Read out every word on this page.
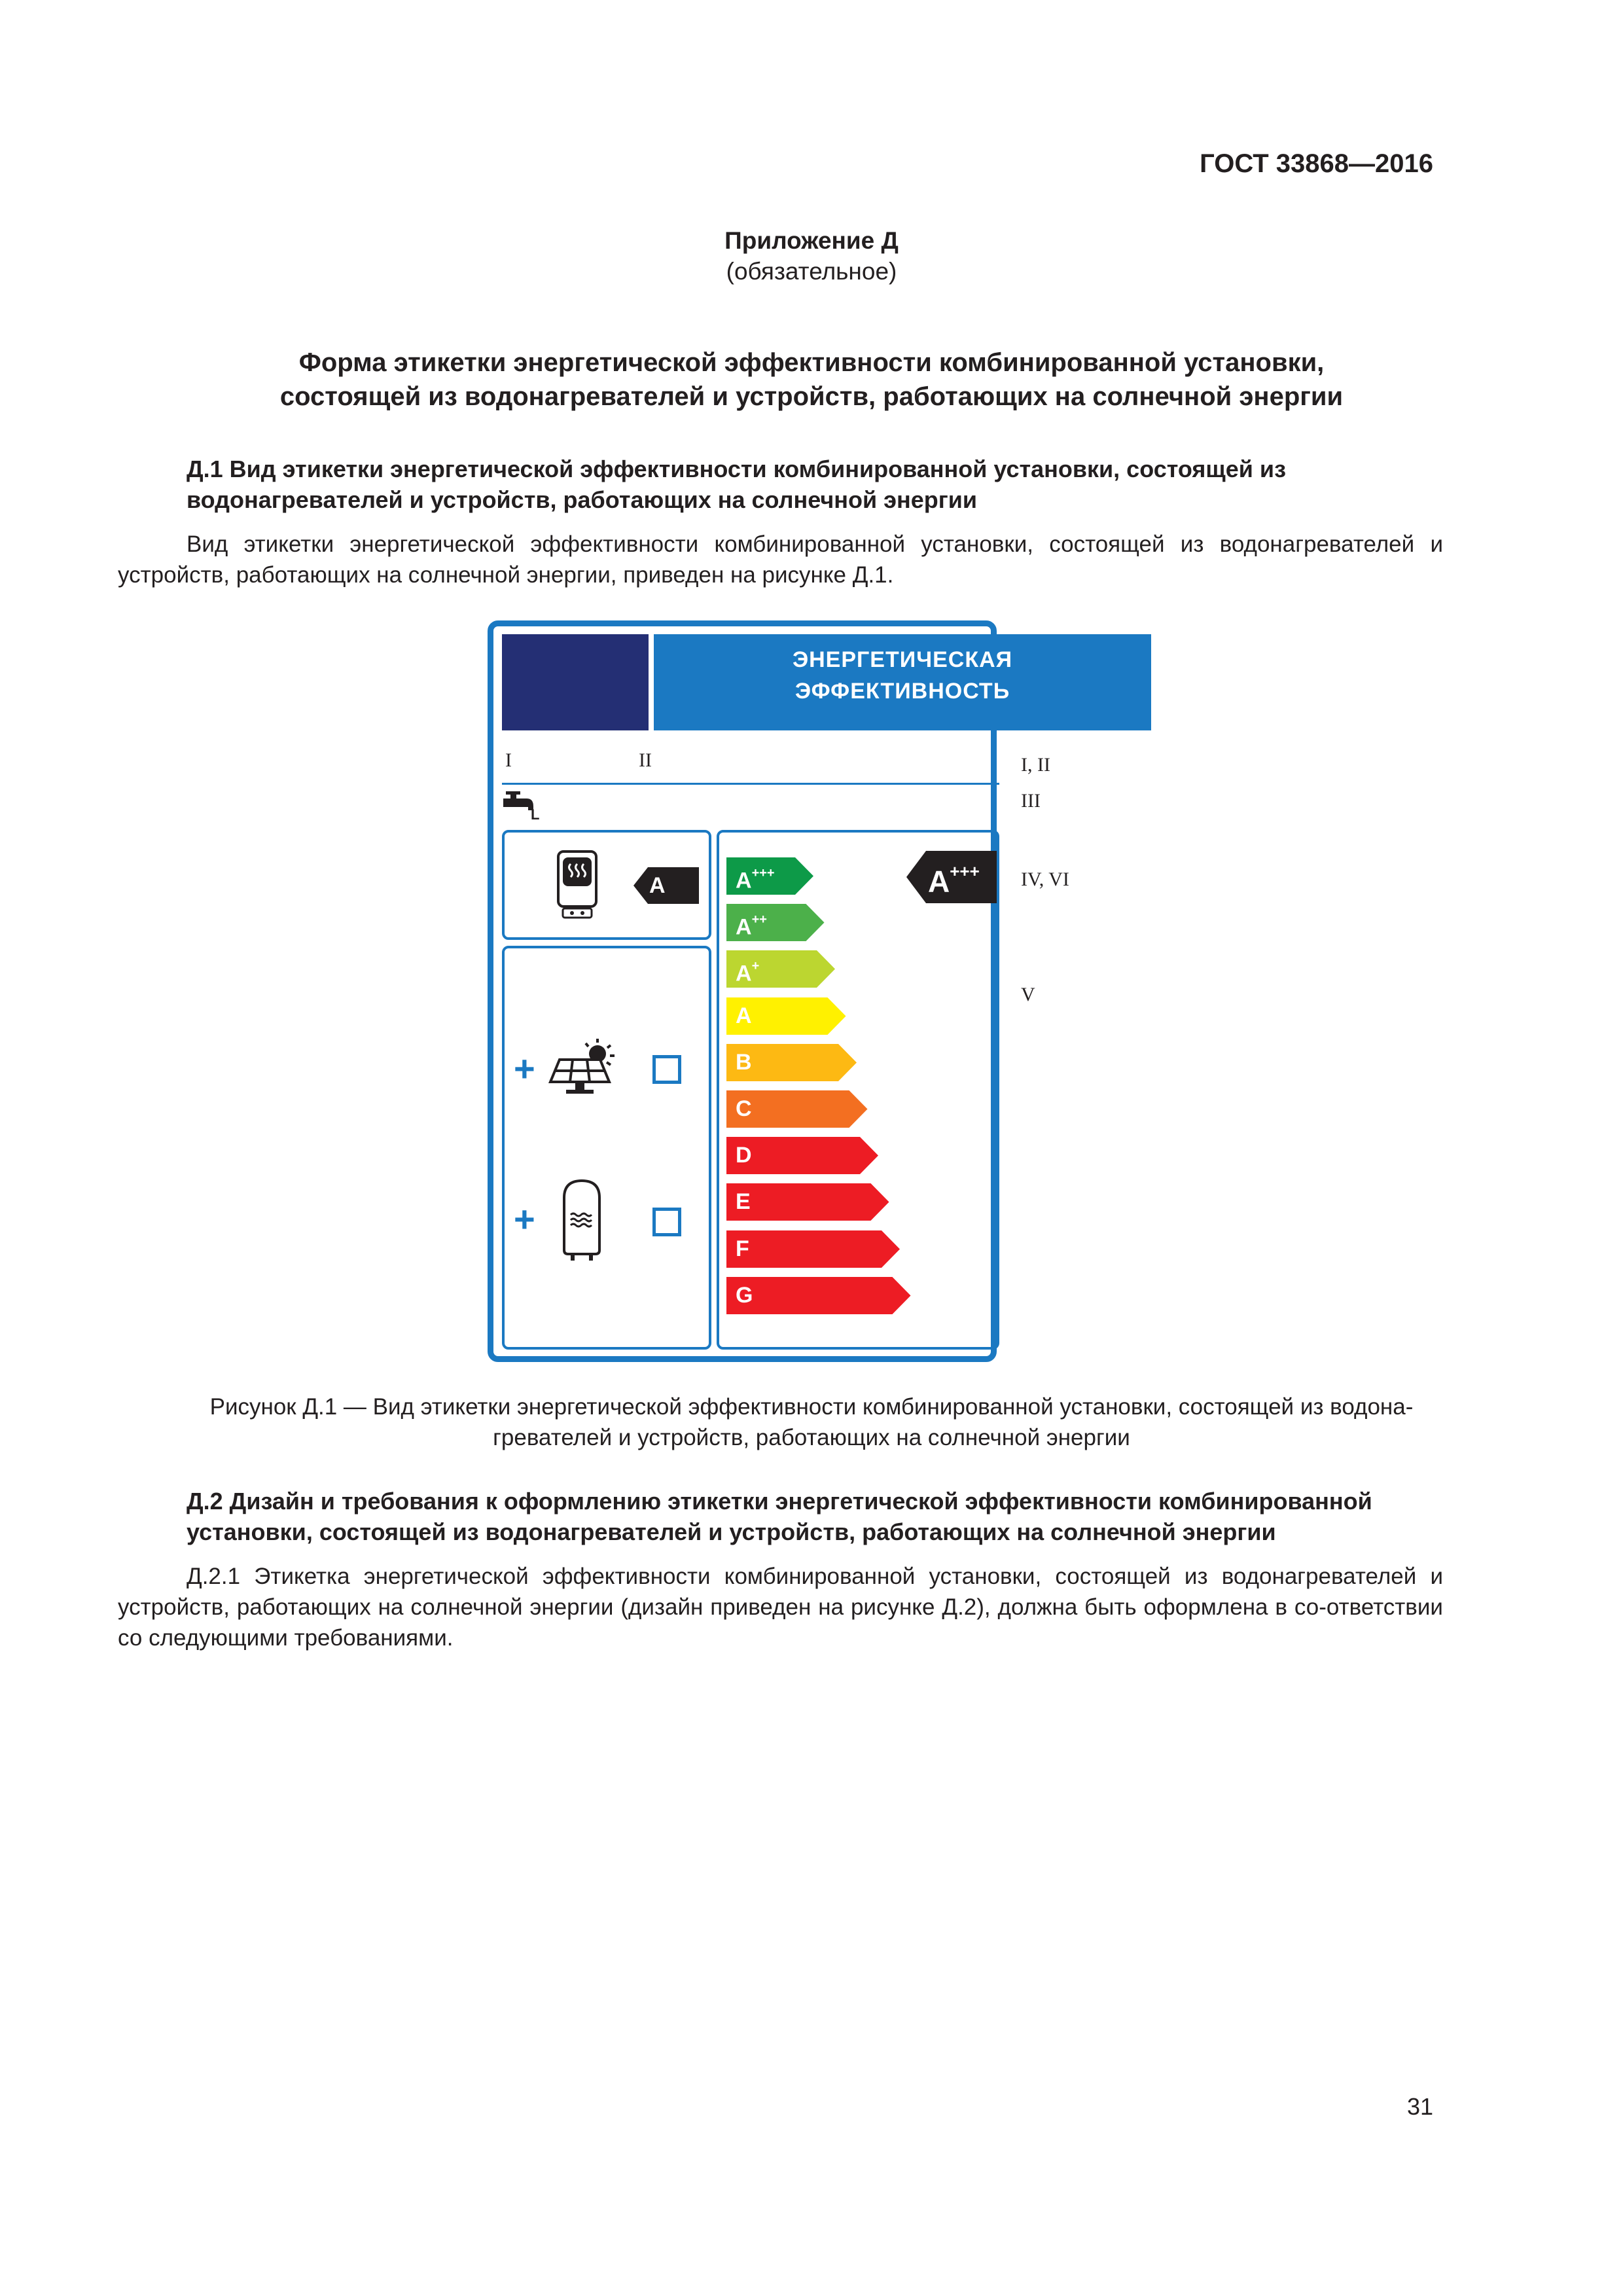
ГОСТ 33868—2016
Приложение Д
(обязательное)
Форма этикетки энергетической эффективности комбинированной установки,
состоящей из водонагревателей и устройств, работающих на солнечной энергии
Д.1 Вид этикетки энергетической эффективности комбинированной установки, состоящей из
водонагревателей и устройств, работающих на солнечной энергии
Вид этикетки энергетической эффективности комбинированной установки, состоящей из водонагревателей и устройств, работающих на солнечной энергии, приведен на рисунке Д.1.
ЭНЕРГЕТИЧЕСКАЯ
ЭФФЕКТИВНОСТЬ
I	II
L
I, II
III
IV, VI
V
A
+
+
A+++
A++
A+
A
B
C
D
E
F
G
A+++
Рисунок Д.1 — Вид этикетки энергетической эффективности комбинированной установки, состоящей из водона-
гревателей и устройств, работающих на солнечной энергии
Д.2 Дизайн и требования к оформлению этикетки энергетической эффективности комбинированной
установки, состоящей из водонагревателей и устройств, работающих на солнечной энергии
Д.2.1 Этикетка энергетической эффективности комбинированной установки, состоящей из водонагревателей и устройств, работающих на солнечной энергии (дизайн приведен на рисунке Д.2), должна быть оформлена в со-ответствии со следующими требованиями.
31
